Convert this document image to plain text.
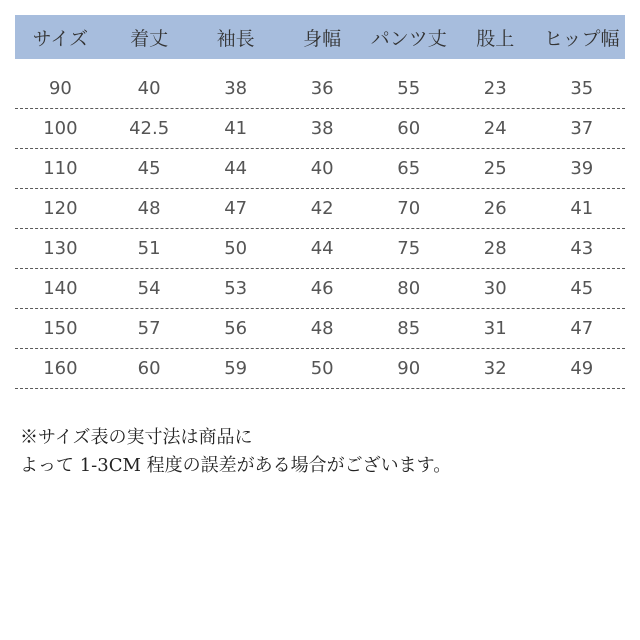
サイズ	着丈	袖長	身幅	パンツ丈	股上	ヒップ幅
90	40	38	36	55	23	35
100	42.5	41	38	60	24	37
110	45	44	40	65	25	39
120	48	47	42	70	26	41
130	51	50	44	75	28	43
140	54	53	46	80	30	45
150	57	56	48	85	31	47
160	60	59	50	90	32	49
※サイズ表の実寸法は商品に
よって 1-3CM 程度の誤差がある場合がございます。
